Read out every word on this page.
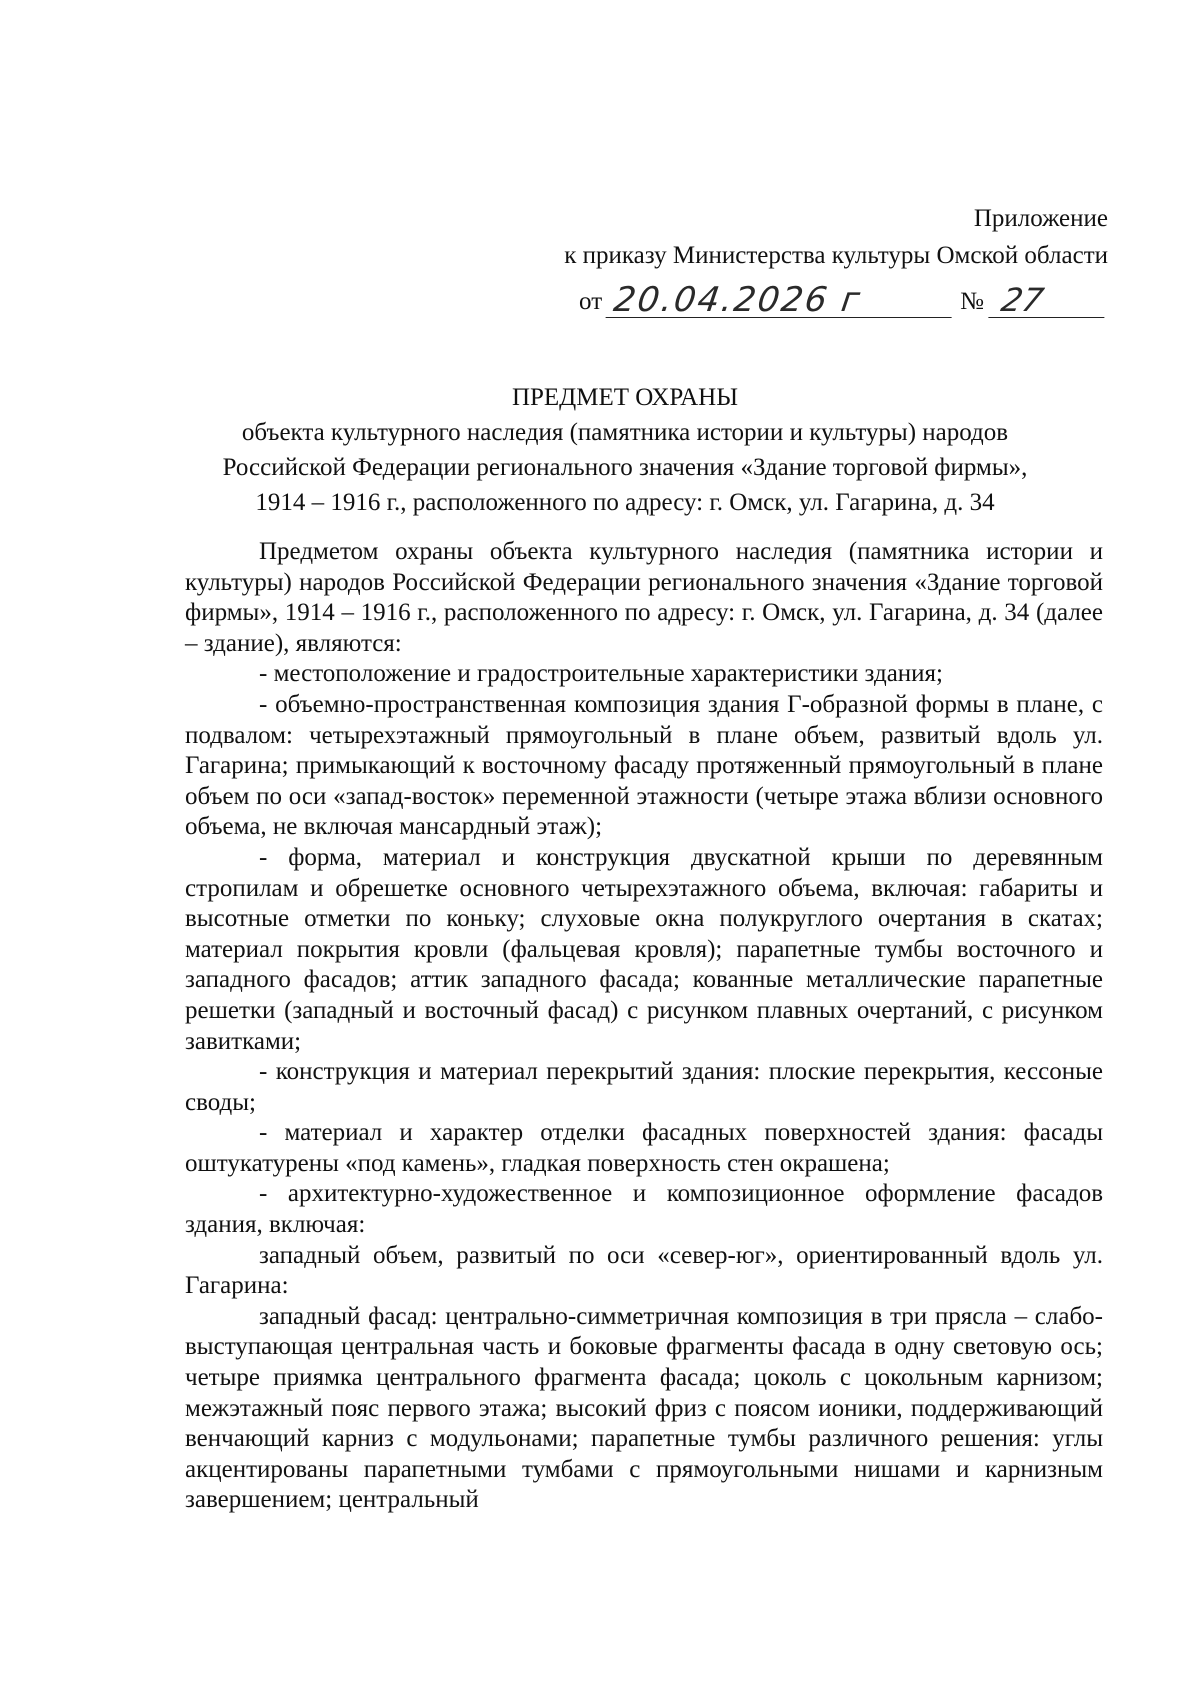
Приложение
к приказу Министерства культуры Омской области
от 20.04.2026 г	№ 27
ПРЕДМЕТ ОХРАНЫ
объекта культурного наследия (памятника истории и культуры) народов
Российской Федерации регионального значения «Здание торговой фирмы»,
1914 – 1916 г., расположенного по адресу: г. Омск, ул. Гагарина, д. 34

Предметом охраны объекта культурного наследия (памятника истории и культуры) народов Российской Федерации регионального значения «Здание торговой фирмы», 1914 – 1916 г., расположенного по адресу: г. Омск, ул. Гагарина, д. 34 (далее – здание), являются:

- местоположение и градостроительные характеристики здания;

- объемно-пространственная композиция здания Г-образной формы в плане, с подвалом: четырехэтажный прямоугольный в плане объем, развитый вдоль ул. Гагарина; примыкающий к восточному фасаду протяженный прямоугольный в плане объем по оси «запад-восток» переменной этажности (четыре этажа вблизи основного объема, не включая мансардный этаж);

- форма, материал и конструкция двускатной крыши по деревянным стропилам и обрешетке основного четырехэтажного объема, включая: габариты и высотные отметки по коньку; слуховые окна полукруглого очертания в скатах; материал покрытия кровли (фальцевая кровля); парапетные тумбы восточного и западного фасадов; аттик западного фасада; кованные металлические парапетные решетки (западный и восточный фасад) с рисунком плавных очертаний, с рисунком завитками;

- конструкция и материал перекрытий здания: плоские перекрытия, кессоные своды;

- материал и характер отделки фасадных поверхностей здания: фасады оштукатурены «под камень», гладкая поверхность стен окрашена;

- архитектурно-художественное и композиционное оформление фасадов здания, включая:

западный объем, развитый по оси «север-юг», ориентированный вдоль ул. Гагарина:

западный фасад: центрально-симметричная композиция в три прясла – слабо-выступающая центральная часть и боковые фрагменты фасада в одну световую ось; четыре приямка центрального фрагмента фасада; цоколь с цокольным карнизом; межэтажный пояс первого этажа; высокий фриз с поясом ионики, поддерживающий венчающий карниз с модульонами; парапетные тумбы различного решения: углы акцентированы парапетными тумбами с прямоугольными нишами и карнизным завершением; центральный
